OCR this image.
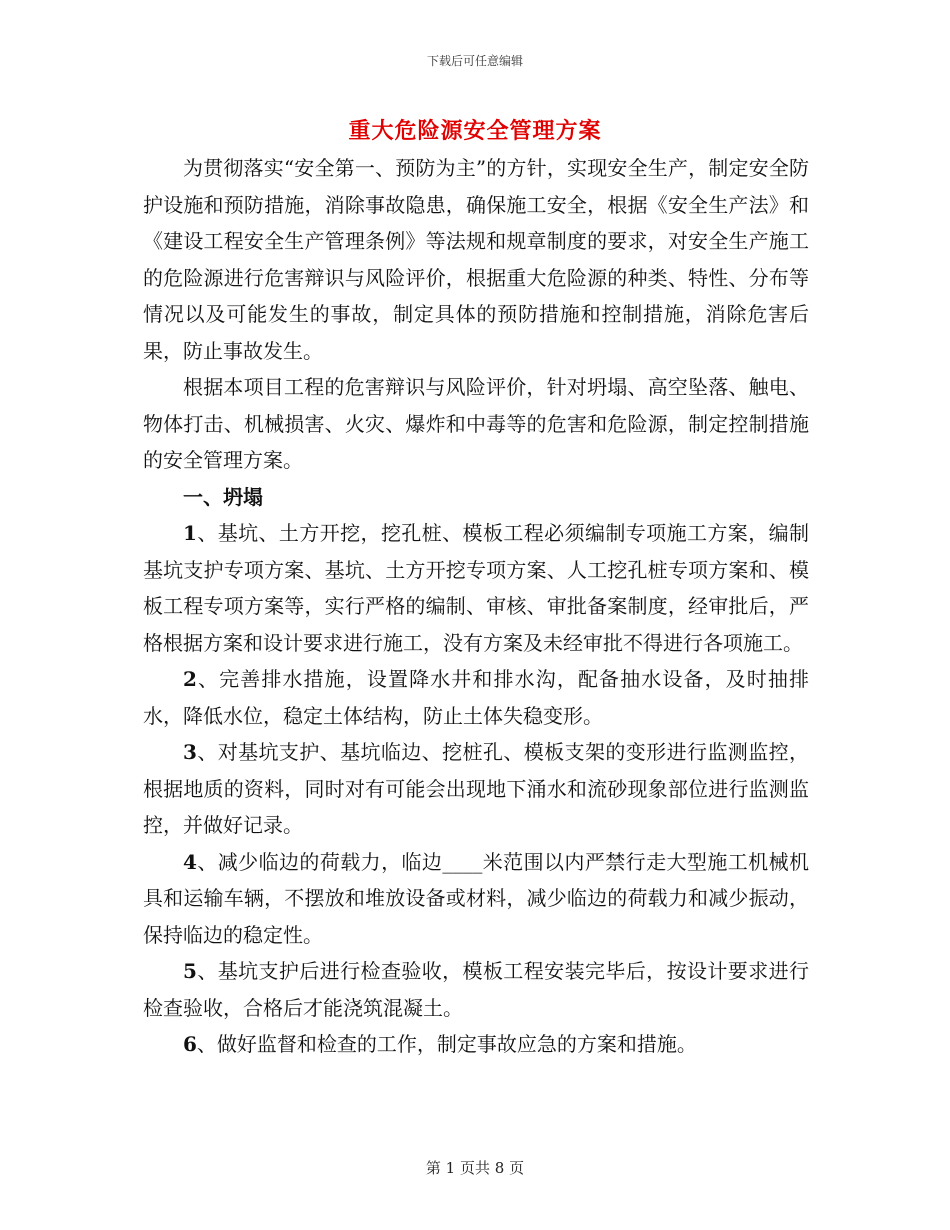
下载后可任意编辑
重大危险源安全管理方案

为贯彻落实“安全第一、预防为主”的方针，实现安全生产，制定安全防护设施和预防措施，消除事故隐患，确保施工安全，根据《安全生产法》和《建设工程安全生产管理条例》等法规和规章制度的要求，对安全生产施工的危险源进行危害辩识与风险评价，根据重大危险源的种类、特性、分布等情况以及可能发生的事故，制定具体的预防措施和控制措施，消除危害后果，防止事故发生。

根据本项目工程的危害辩识与风险评价，针对坍塌、高空坠落、触电、物体打击、机械损害、火灾、爆炸和中毒等的危害和危险源，制定控制措施的安全管理方案。

一、坍塌

1、基坑、土方开挖，挖孔桩、模板工程必须编制专项施工方案，编制基坑支护专项方案、基坑、土方开挖专项方案、人工挖孔桩专项方案和、模板工程专项方案等，实行严格的编制、审核、审批备案制度，经审批后，严格根据方案和设计要求进行施工，没有方案及未经审批不得进行各项施工。

2、完善排水措施，设置降水井和排水沟，配备抽水设备，及时抽排水，降低水位，稳定土体结构，防止土体失稳变形。

3、对基坑支护、基坑临边、挖桩孔、模板支架的变形进行监测监控，根据地质的资料，同时对有可能会出现地下涌水和流砂现象部位进行监测监控，并做好记录。

4、减少临边的荷载力，临边____米范围以内严禁行走大型施工机械机具和运输车辆，不摆放和堆放设备或材料，减少临边的荷载力和减少振动，保持临边的稳定性。

5、基坑支护后进行检查验收，模板工程安装完毕后，按设计要求进行检查验收，合格后才能浇筑混凝土。

6、做好监督和检查的工作，制定事故应急的方案和措施。

第 1 页共 8 页
